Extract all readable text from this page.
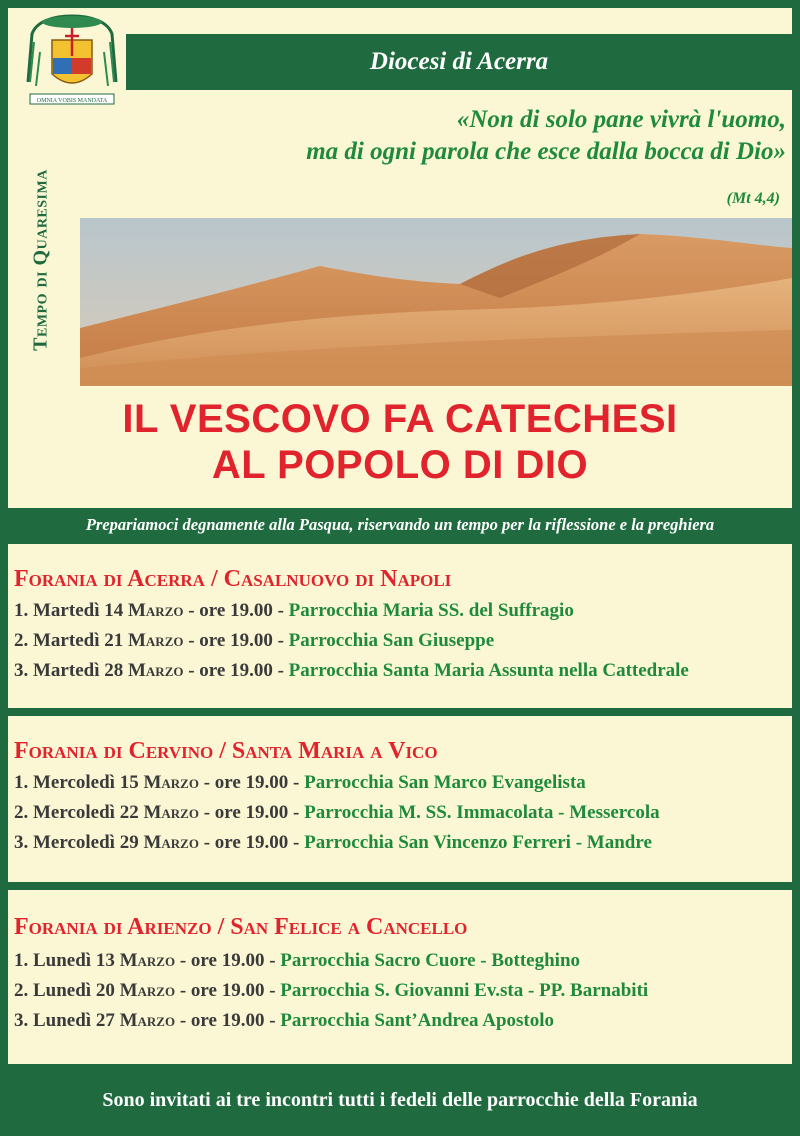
Diocesi di Acerra
OMNIA VOBIS MANDATA
«Non di solo pane vivrà l'uomo,
ma di ogni parola che esce dalla bocca di Dio»
(Mt 4,4)
Tempo di Quaresima
IL VESCOVO FA CATECHESI
AL POPOLO DI DIO
Prepariamoci degnamente alla Pasqua, riservando un tempo per la riflessione e la preghiera
Forania di Acerra / Casalnuovo di Napoli
1. Martedì 14 Marzo - ore 19.00 - Parrocchia Maria SS. del Suffragio
2. Martedì 21 Marzo - ore 19.00 - Parrocchia San Giuseppe
3. Martedì 28 Marzo - ore 19.00 - Parrocchia Santa Maria Assunta nella Cattedrale
Forania di Cervino / Santa Maria a Vico
1. Mercoledì 15 Marzo - ore 19.00 - Parrocchia San Marco Evangelista
2. Mercoledì 22 Marzo - ore 19.00 - Parrocchia M. SS. Immacolata - Messercola
3. Mercoledì 29 Marzo - ore 19.00 - Parrocchia San Vincenzo Ferreri - Mandre
Forania di Arienzo / San Felice a Cancello
1. Lunedì 13 Marzo - ore 19.00 - Parrocchia Sacro Cuore - Botteghino
2. Lunedì 20 Marzo - ore 19.00 - Parrocchia S. Giovanni Ev.sta - PP. Barnabiti
3. Lunedì 27 Marzo - ore 19.00 - Parrocchia Sant’Andrea Apostolo
Sono invitati ai tre incontri tutti i fedeli delle parrocchie della Forania
